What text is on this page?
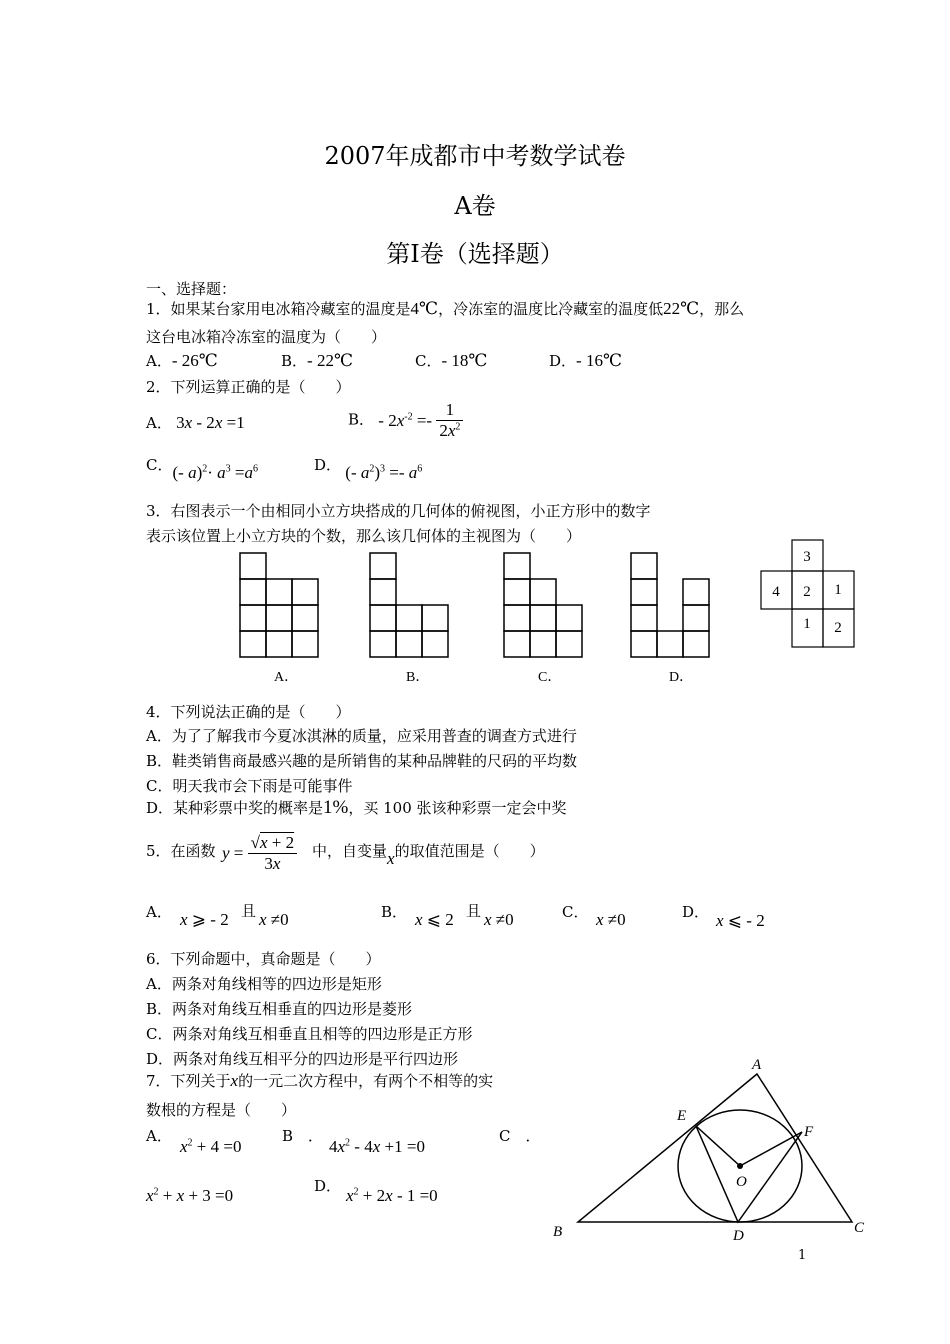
2007年成都市中考数学试卷
A卷
第Ⅰ卷（选择题）
一、选择题：
1．如果某台家用电冰箱冷藏室的温度是4℃，冷冻室的温度比冷藏室的温度低22℃，那么
这台电冰箱冷冻室的温度为（　　）
A．- 26℃	B．- 22℃	C．- 18℃	D．- 16℃
2．下列运算正确的是（　　）
A． 3x - 2x =1	B． - $2x^{-2} =- \frac{1}{2x^2}$
C．(- $a)^2\cdot a^3 =a^6$	D． (- $a^2)^3 =- a^6$
3．右图表示一个由相同小立方块搭成的几何体的俯视图，小正方形中的数字
表示该位置上小立方块的个数，那么该几何体的主视图为（　　）
3
4 2 1
1 2
A．	B．	C．	D．
4．下列说法正确的是（　　）
A．为了了解我市今夏冰淇淋的质量，应采用普查的调查方式进行
B．鞋类销售商最感兴趣的是所销售的某种品牌鞋的尺码的平均数
C．明天我市会下雨是可能事件
D．某种彩票中奖的概率是1%，买 100 张该种彩票一定会中奖
5．在函数 $y = \frac{√x + 2}{3x}$ 中，自变量x的取值范围是（　　）
A． x ⩾ - 2 且 x ≠0	B． x ⩽ 2 且 x ≠0	C． x ≠0	D． x ⩽ - 2
6．下列命题中，真命题是（　　）
A．两条对角线相等的四边形是矩形
B．两条对角线互相垂直的四边形是菱形
C．两条对角线互相垂直且相等的四边形是正方形
D．两条对角线互相平分的四边形是平行四边形
7．下列关于x的一元二次方程中，有两个不相等的实
数根的方程是（　　）
A．
$x^2 + 4 =0$
B　．
$4x^2 - 4x +1 =0$
C　．
$x^2 + x + 3 =0$	D． $x^2 + 2x - 1 =0$
A
E
F
O
B	D	C
1
